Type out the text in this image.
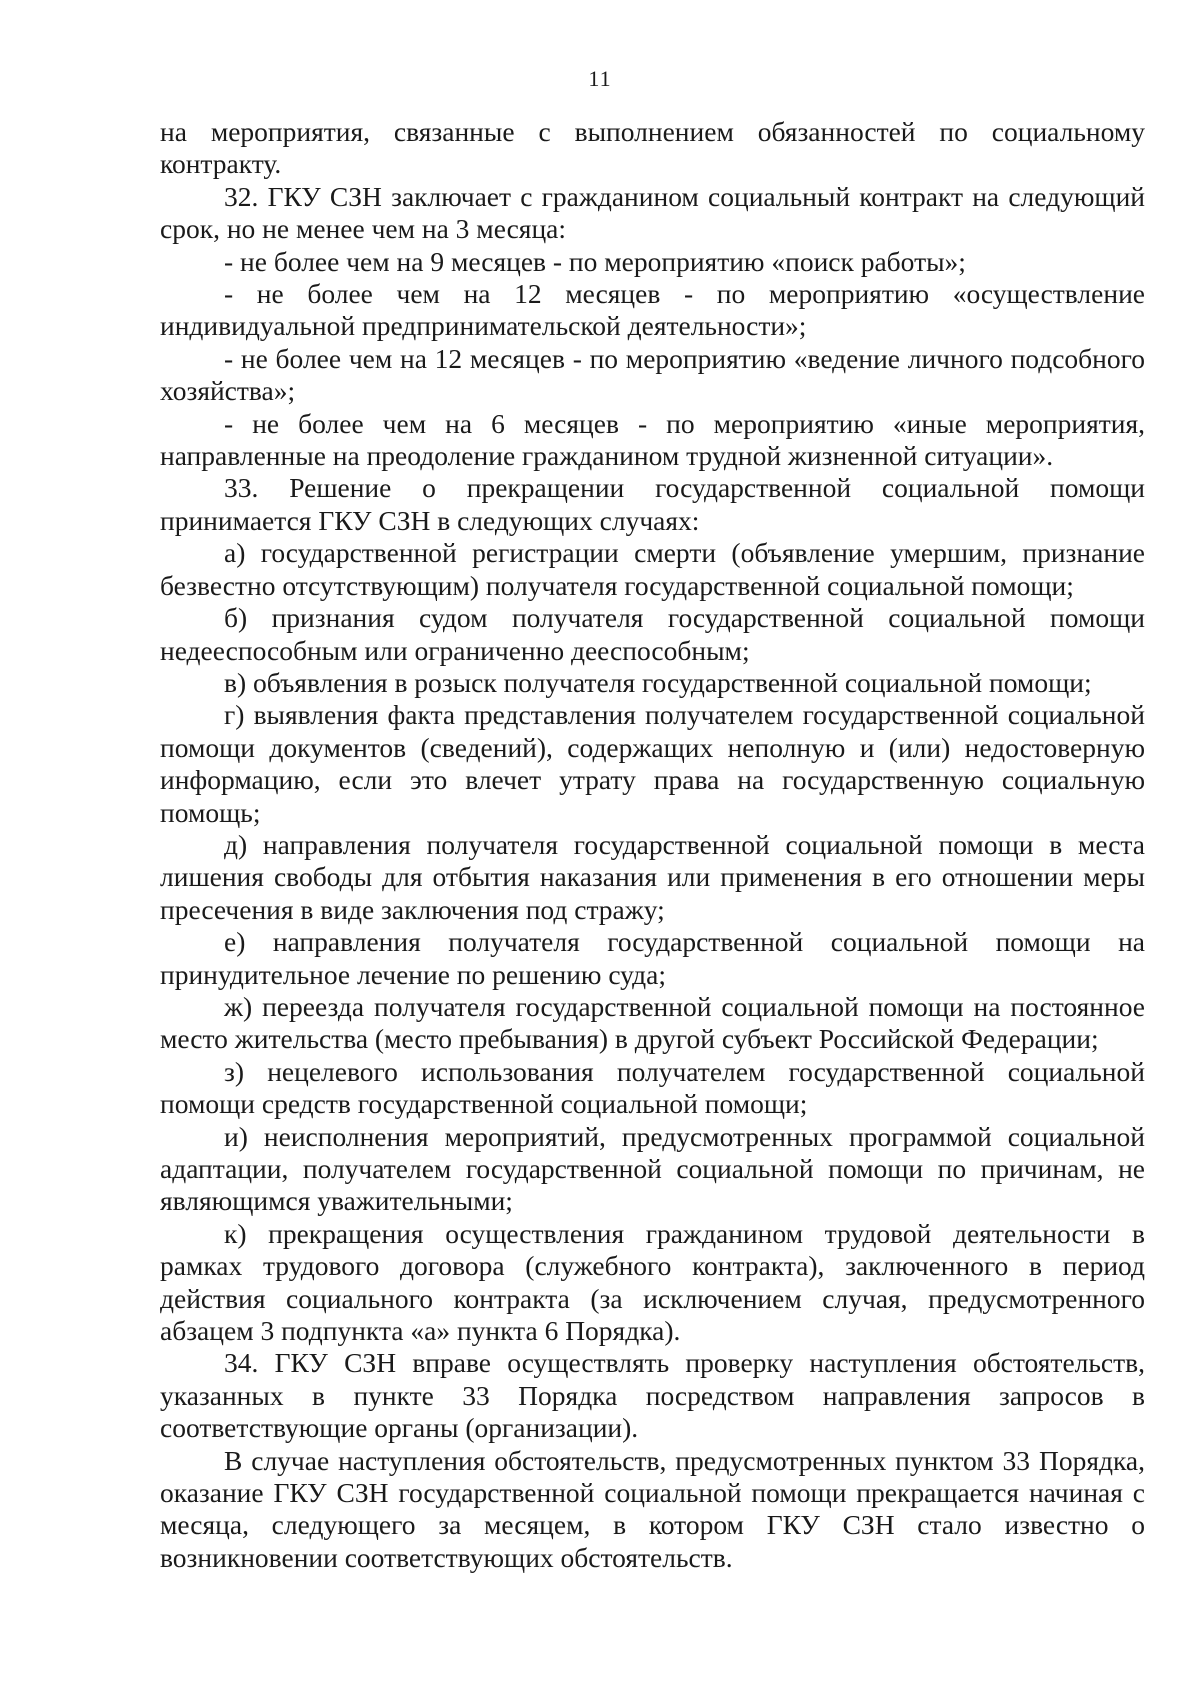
11

на мероприятия, связанные с выполнением обязанностей по социальному контракту.

32. ГКУ СЗН заключает с гражданином социальный контракт на следующий срок, но не менее чем на 3 месяца:

- не более чем на 9 месяцев - по мероприятию «поиск работы»;

- не более чем на 12 месяцев - по мероприятию «осуществление индивидуальной предпринимательской деятельности»;

- не более чем на 12 месяцев - по мероприятию «ведение личного подсобного хозяйства»;

- не более чем на 6 месяцев - по мероприятию «иные мероприятия, направленные на преодоление гражданином трудной жизненной ситуации».

33. Решение о прекращении государственной социальной помощи принимается ГКУ СЗН в следующих случаях:

а) государственной регистрации смерти (объявление умершим, признание безвестно отсутствующим) получателя государственной социальной помощи;

б) признания судом получателя государственной социальной помощи недееспособным или ограниченно дееспособным;

в) объявления в розыск получателя государственной социальной помощи;

г) выявления факта представления получателем государственной социальной помощи документов (сведений), содержащих неполную и (или) недостоверную информацию, если это влечет утрату права на государственную социальную помощь;

д) направления получателя государственной социальной помощи в места лишения свободы для отбытия наказания или применения в его отношении меры пресечения в виде заключения под стражу;

е) направления получателя государственной социальной помощи на принудительное лечение по решению суда;

ж) переезда получателя государственной социальной помощи на постоянное место жительства (место пребывания) в другой субъект Российской Федерации;

з) нецелевого использования получателем государственной социальной помощи средств государственной социальной помощи;

и) неисполнения мероприятий, предусмотренных программой социальной адаптации, получателем государственной социальной помощи по причинам, не являющимся уважительными;

к) прекращения осуществления гражданином трудовой деятельности в рамках трудового договора (служебного контракта), заключенного в период действия социального контракта (за исключением случая, предусмотренного абзацем 3 подпункта «а» пункта 6 Порядка).

34. ГКУ СЗН вправе осуществлять проверку наступления обстоятельств, указанных в пункте 33 Порядка посредством направления запросов в соответствующие органы (организации).

В случае наступления обстоятельств, предусмотренных пунктом 33 Порядка, оказание ГКУ СЗН государственной социальной помощи прекращается начиная с месяца, следующего за месяцем, в котором ГКУ СЗН стало известно о возникновении соответствующих обстоятельств.
